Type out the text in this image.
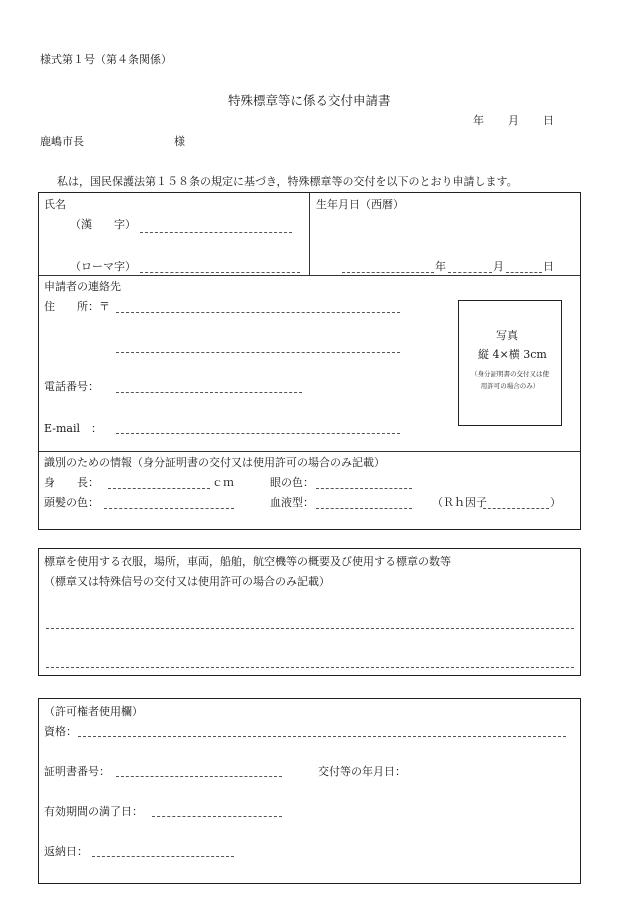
様式第１号（第４条関係）
特殊標章等に係る交付申請書
年 月 日
鹿嶋市長	様
私は，国民保護法第１５８条の規定に基づき，特殊標章等の交付を以下のとおり申請します。
氏名
（漢　　字）
（ローマ字）
生年月日（西暦）
年	月	日
申請者の連絡先
住　　所：〒
電話番号：
E-mail　：
写真
縦 4×横 3cm
（身分証明書の交付又は使用許可の場合のみ）
識別のための情報（身分証明書の交付又は使用許可の場合のみ記載）
身　　長：	ｃｍ	眼の色：
頭髪の色：	血液型：	（Ｒｈ因子	）
標章を使用する衣服，場所，車両，船舶，航空機等の概要及び使用する標章の数等
（標章又は特殊信号の交付又は使用許可の場合のみ記載）
（許可権者使用欄）
資格：
証明書番号：	交付等の年月日：
有効期間の満了日：
返納日：
